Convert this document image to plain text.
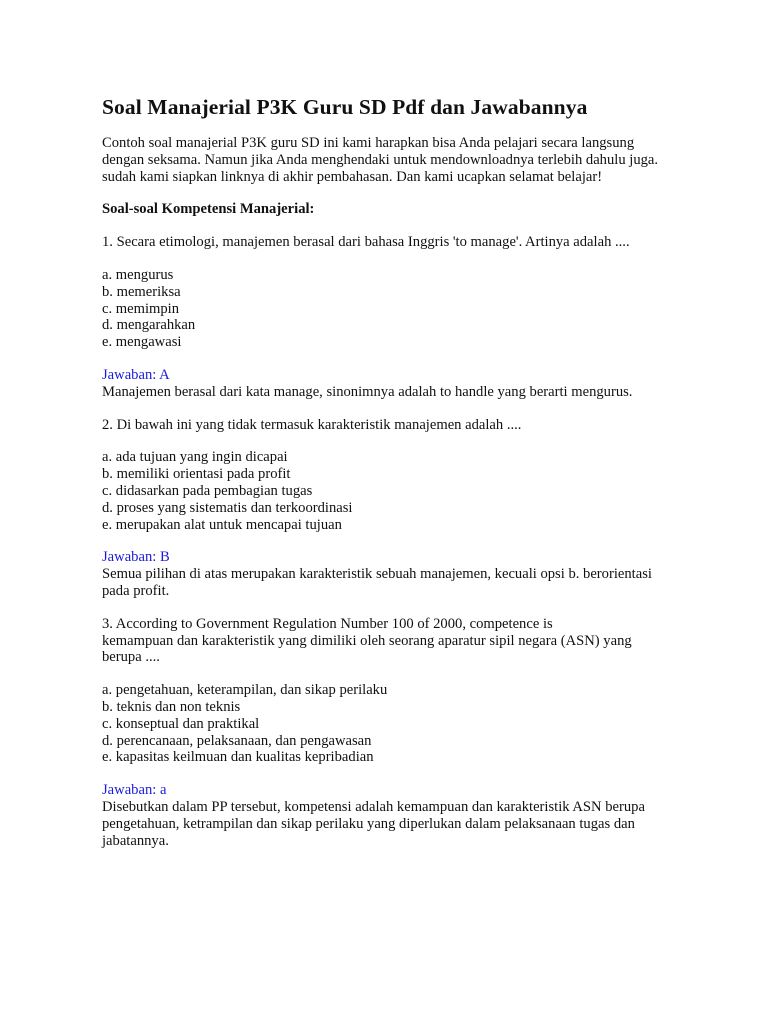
Soal Manajerial P3K Guru SD Pdf dan Jawabannya

Contoh soal manajerial P3K guru SD ini kami harapkan bisa Anda pelajari secara langsung
dengan seksama. Namun jika Anda menghendaki untuk mendownloadnya terlebih dahulu juga.
sudah kami siapkan linknya di akhir pembahasan. Dan kami ucapkan selamat belajar!

Soal-soal Kompetensi Manajerial:

1. Secara etimologi, manajemen berasal dari bahasa Inggris 'to manage'. Artinya adalah ....

a. mengurus
b. memeriksa
c. memimpin
d. mengarahkan
e. mengawasi

Jawaban: A
Manajemen berasal dari kata manage, sinonimnya adalah to handle yang berarti mengurus.

2. Di bawah ini yang tidak termasuk karakteristik manajemen adalah ....

a. ada tujuan yang ingin dicapai
b. memiliki orientasi pada profit
c. didasarkan pada pembagian tugas
d. proses yang sistematis dan terkoordinasi
e. merupakan alat untuk mencapai tujuan

Jawaban: B
Semua pilihan di atas merupakan karakteristik sebuah manajemen, kecuali opsi b. berorientasi
pada profit.

3. According to Government Regulation Number 100 of 2000, competence is
kemampuan dan karakteristik yang dimiliki oleh seorang aparatur sipil negara (ASN) yang
berupa ....

a. pengetahuan, keterampilan, dan sikap perilaku
b. teknis dan non teknis
c. konseptual dan praktikal
d. perencanaan, pelaksanaan, dan pengawasan
e. kapasitas keilmuan dan kualitas kepribadian

Jawaban: a
Disebutkan dalam PP tersebut, kompetensi adalah kemampuan dan karakteristik ASN berupa
pengetahuan, ketrampilan dan sikap perilaku yang diperlukan dalam pelaksanaan tugas dan
jabatannya.
